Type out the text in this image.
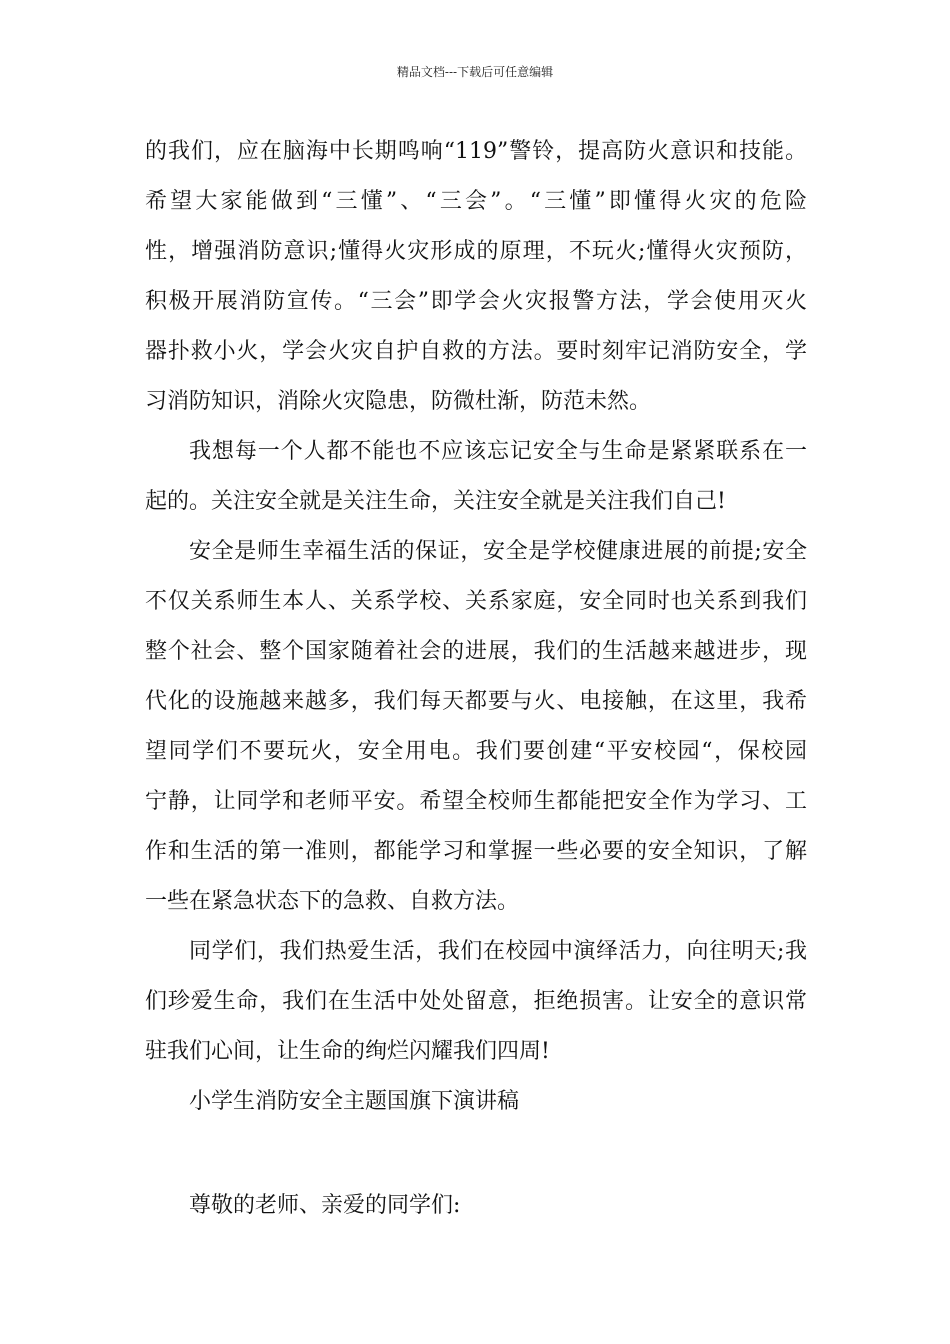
精品文档---下载后可任意编辑
的我们，应在脑海中长期鸣响“119”警铃，提高防火意识和技能。
希望大家能做到“三懂”、“三会”。“三懂”即懂得火灾的危险
性，增强消防意识;懂得火灾形成的原理，不玩火;懂得火灾预防，
积极开展消防宣传。“三会”即学会火灾报警方法，学会使用灭火
器扑救小火，学会火灾自护自救的方法。要时刻牢记消防安全，学
习消防知识，消除火灾隐患，防微杜渐，防范未然。
我想每一个人都不能也不应该忘记安全与生命是紧紧联系在一
起的。关注安全就是关注生命，关注安全就是关注我们自己!
安全是师生幸福生活的保证，安全是学校健康进展的前提;安全
不仅关系师生本人、关系学校、关系家庭，安全同时也关系到我们
整个社会、整个国家随着社会的进展，我们的生活越来越进步，现
代化的设施越来越多，我们每天都要与火、电接触，在这里，我希
望同学们不要玩火，安全用电。我们要创建“平安校园“，保校园
宁静，让同学和老师平安。希望全校师生都能把安全作为学习、工
作和生活的第一准则，都能学习和掌握一些必要的安全知识，了解
一些在紧急状态下的急救、自救方法。
同学们，我们热爱生活，我们在校园中演绎活力，向往明天;我
们珍爱生命，我们在生活中处处留意，拒绝损害。让安全的意识常
驻我们心间，让生命的绚烂闪耀我们四周!
小学生消防安全主题国旗下演讲稿
尊敬的老师、亲爱的同学们:
